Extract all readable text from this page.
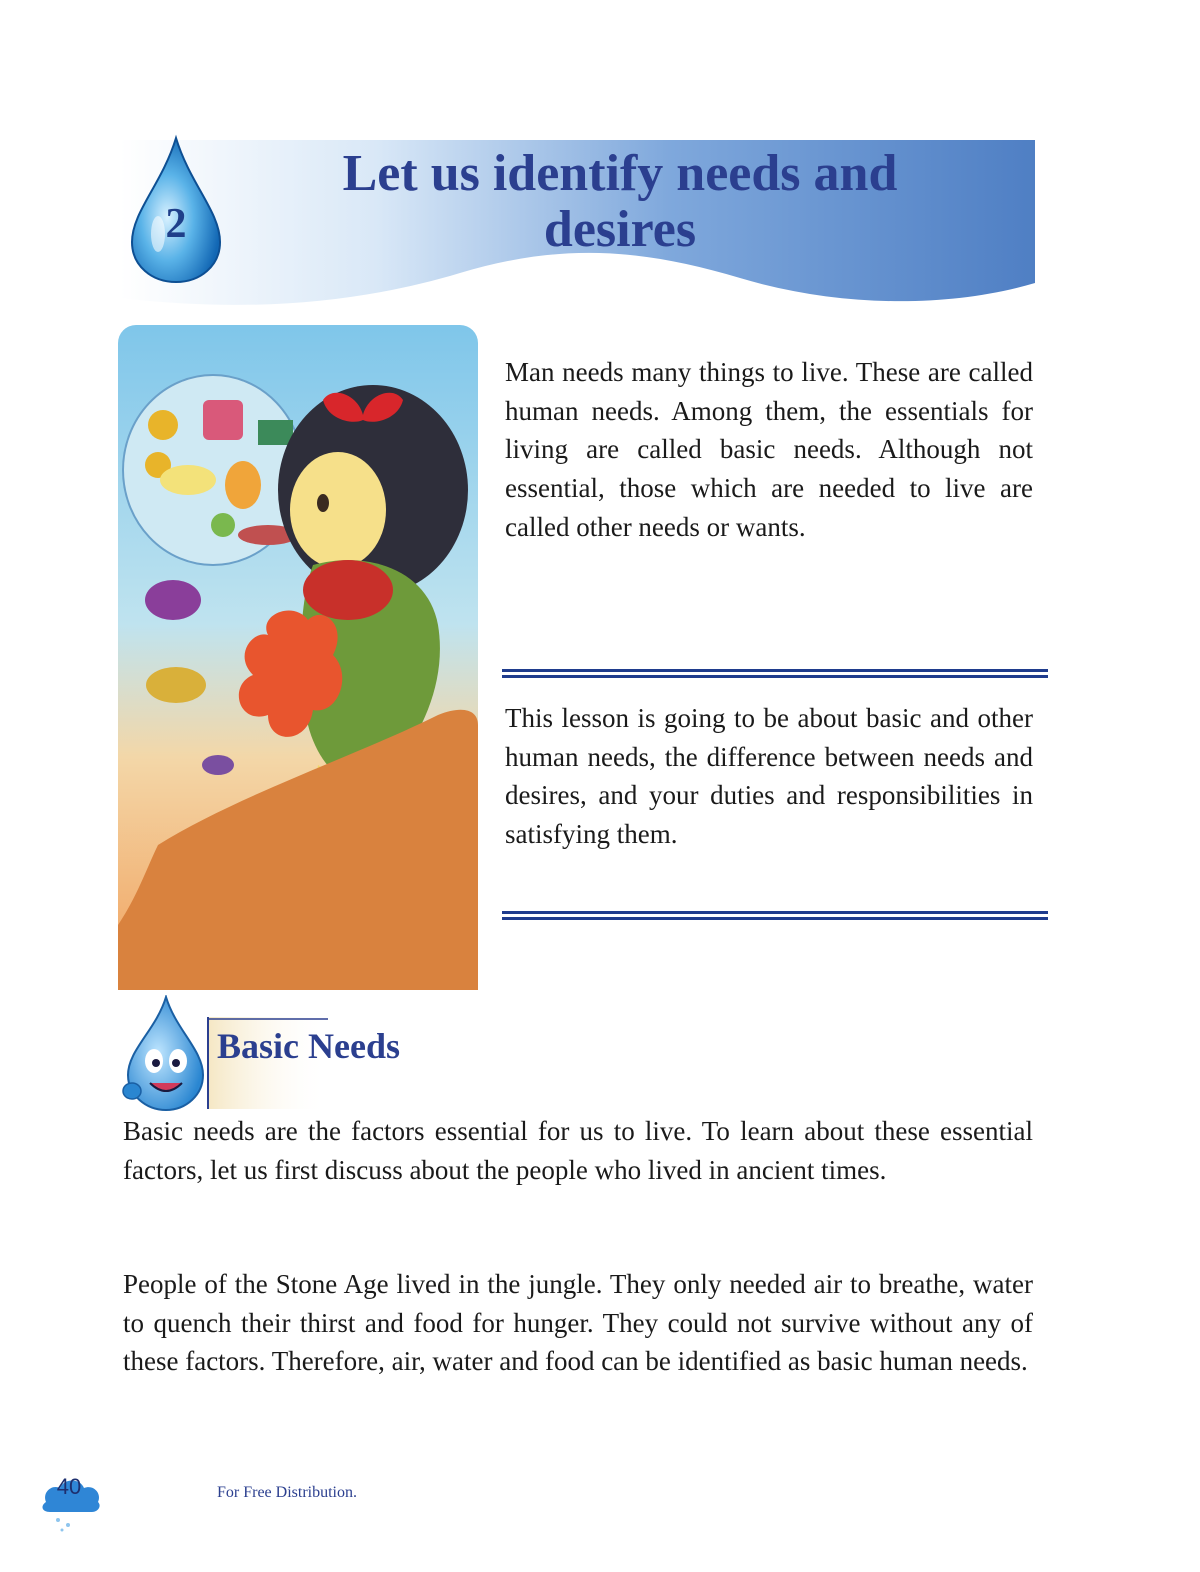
2
Let us identify needs and
desires

Man needs many things to live. These are called human needs. Among them, the essentials for living are called basic needs. Although not essential, those which are needed to live are called other needs or wants.

This lesson is going to be about basic and other human needs, the difference between needs and desires, and your duties and responsibilities in satisfying them.

Basic Needs

Basic needs are the factors essential for us to live. To learn about these essential factors, let us first discuss about the people who lived in ancient times.

People of the Stone Age lived in the jungle. They only needed air to breathe, water to quench their thirst and food for hunger. They could not survive without any of these factors. Therefore, air, water and food can be identified as basic human needs.

40	For Free Distribution.
